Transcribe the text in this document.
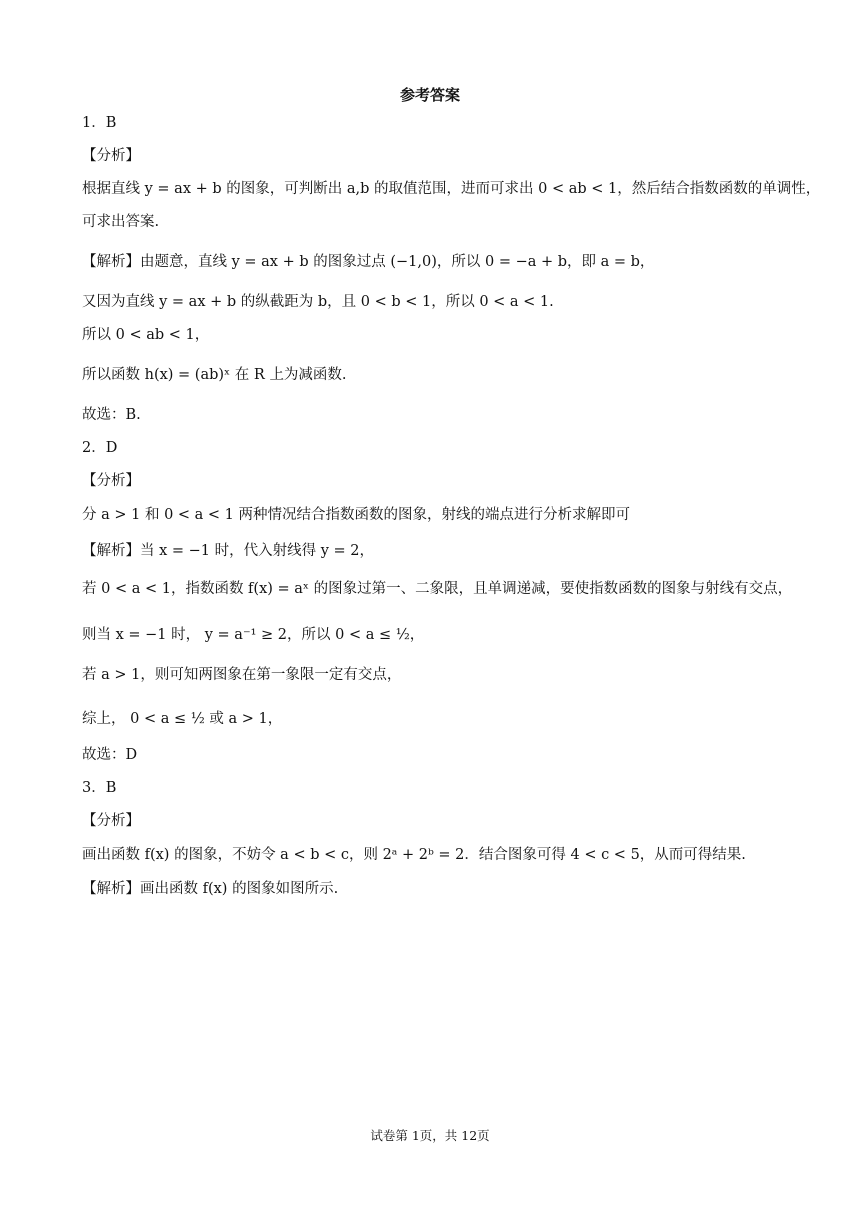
参考答案
1．B
【分析】
根据直线 y = ax + b 的图象，可判断出 a,b 的取值范围，进而可求出 0 < ab < 1，然后结合指数函数的单调性，
可求出答案.
【解析】由题意，直线 y = ax + b 的图象过点 (−1,0)，所以 0 = −a + b，即 a = b，
又因为直线 y = ax + b 的纵截距为 b，且 0 < b < 1，所以 0 < a < 1.
所以 0 < ab < 1，
所以函数 h(x) = (ab)ˣ 在 R 上为减函数.
故选：B.
2．D
【分析】
分 a > 1 和 0 < a < 1 两种情况结合指数函数的图象，射线的端点进行分析求解即可
【解析】当 x = −1 时，代入射线得 y = 2，
若 0 < a < 1，指数函数 f(x) = aˣ 的图象过第一、二象限，且单调递减，要使指数函数的图象与射线有交点，
则当 x = −1 时， y = a⁻¹ ≥ 2，所以 0 < a ≤ ½，
若 a > 1，则可知两图象在第一象限一定有交点，
综上， 0 < a ≤ ½ 或 a > 1，
故选：D
3．B
【分析】
画出函数 f(x) 的图象，不妨令 a < b < c，则 2ᵃ + 2ᵇ = 2．结合图象可得 4 < c < 5，从而可得结果.
【解析】画出函数 f(x) 的图象如图所示.
试卷第 1页，共 12页
